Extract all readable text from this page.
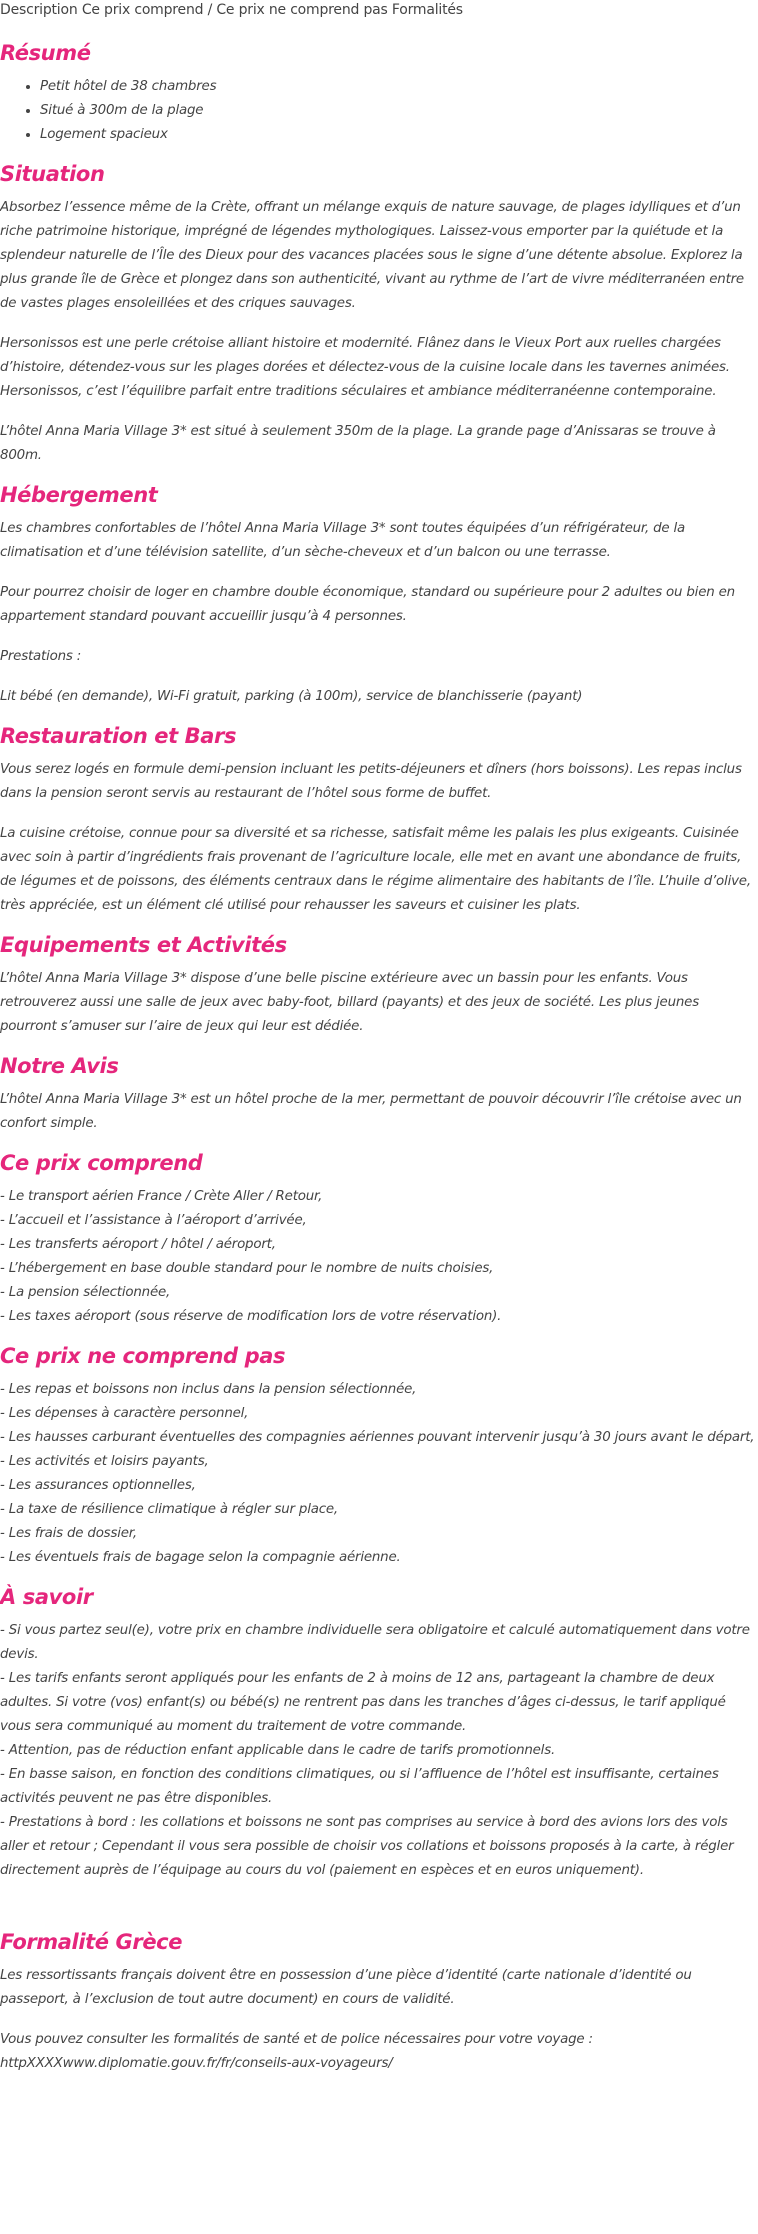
Description Ce prix comprend / Ce prix ne comprend pas Formalités
Résumé
• Petit hôtel de 38 chambres
• Situé à 300m de la plage
• Logement spacieux
Situation

Absorbez l’essence même de la Crète, offrant un mélange exquis de nature sauvage, de plages idylliques et d’un riche patrimoine historique, imprégné de légendes mythologiques. Laissez-vous emporter par la quiétude et la splendeur naturelle de l’Île des Dieux pour des vacances placées sous le signe d’une détente absolue. Explorez la plus grande île de Grèce et plongez dans son authenticité, vivant au rythme de l’art de vivre méditerranéen entre de vastes plages ensoleillées et des criques sauvages.

Hersonissos est une perle crétoise alliant histoire et modernité. Flânez dans le Vieux Port aux ruelles chargées d’histoire, détendez-vous sur les plages dorées et délectez-vous de la cuisine locale dans les tavernes animées. Hersonissos, c’est l’équilibre parfait entre traditions séculaires et ambiance méditerranéenne contemporaine.

L’hôtel Anna Maria Village 3* est situé à seulement 350m de la plage. La grande page d’Anissaras se trouve à 800m.

Hébergement

Les chambres confortables de l’hôtel Anna Maria Village 3* sont toutes équipées d’un réfrigérateur, de la climatisation et d’une télévision satellite, d’un sèche-cheveux et d’un balcon ou une terrasse.

Pour pourrez choisir de loger en chambre double économique, standard ou supérieure pour 2 adultes ou bien en appartement standard pouvant accueillir jusqu’à 4 personnes.

Prestations :

Lit bébé (en demande), Wi-Fi gratuit, parking (à 100m), service de blanchisserie (payant)

Restauration et Bars

Vous serez logés en formule demi-pension incluant les petits-déjeuners et dîners (hors boissons). Les repas inclus dans la pension seront servis au restaurant de l’hôtel sous forme de buffet.

La cuisine crétoise, connue pour sa diversité et sa richesse, satisfait même les palais les plus exigeants. Cuisinée avec soin à partir d’ingrédients frais provenant de l’agriculture locale, elle met en avant une abondance de fruits, de légumes et de poissons, des éléments centraux dans le régime alimentaire des habitants de l’île. L’huile d’olive, très appréciée, est un élément clé utilisé pour rehausser les saveurs et cuisiner les plats.

Equipements et Activités

L’hôtel Anna Maria Village 3* dispose d’une belle piscine extérieure avec un bassin pour les enfants. Vous retrouverez aussi une salle de jeux avec baby-foot, billard (payants) et des jeux de société. Les plus jeunes pourront s’amuser sur l’aire de jeux qui leur est dédiée.

Notre Avis

L’hôtel Anna Maria Village 3* est un hôtel proche de la mer, permettant de pouvoir découvrir l’île crétoise avec un confort simple.

Ce prix comprend
- Le transport aérien France / Crète Aller / Retour,
- L’accueil et l’assistance à l’aéroport d’arrivée,
- Les transferts aéroport / hôtel / aéroport,
- L’hébergement en base double standard pour le nombre de nuits choisies,
- La pension sélectionnée,
- Les taxes aéroport (sous réserve de modification lors de votre réservation).
Ce prix ne comprend pas
- Les repas et boissons non inclus dans la pension sélectionnée,
- Les dépenses à caractère personnel,
- Les hausses carburant éventuelles des compagnies aériennes pouvant intervenir jusqu’à 30 jours avant le départ,
- Les activités et loisirs payants,
- Les assurances optionnelles,
- La taxe de résilience climatique à régler sur place,
- Les frais de dossier,
- Les éventuels frais de bagage selon la compagnie aérienne.
À savoir
- Si vous partez seul(e), votre prix en chambre individuelle sera obligatoire et calculé automatiquement dans votre devis.
- Les tarifs enfants seront appliqués pour les enfants de 2 à moins de 12 ans, partageant la chambre de deux adultes. Si votre (vos) enfant(s) ou bébé(s) ne rentrent pas dans les tranches d’âges ci-dessus, le tarif appliqué vous sera communiqué au moment du traitement de votre commande.
- Attention, pas de réduction enfant applicable dans le cadre de tarifs promotionnels.
- En basse saison, en fonction des conditions climatiques, ou si l’affluence de l’hôtel est insuffisante, certaines activités peuvent ne pas être disponibles.
- Prestations à bord : les collations et boissons ne sont pas comprises au service à bord des avions lors des vols aller et retour ; Cependant il vous sera possible de choisir vos collations et boissons proposés à la carte, à régler directement auprès de l’équipage au cours du vol (paiement en espèces et en euros uniquement).
Formalité Grèce

Les ressortissants français doivent être en possession d’une pièce d’identité (carte nationale d’identité ou passeport, à l’exclusion de tout autre document) en cours de validité.

Vous pouvez consulter les formalités de santé et de police nécessaires pour votre voyage :

httpXXXXwww.diplomatie.gouv.fr/fr/conseils-aux-voyageurs/
